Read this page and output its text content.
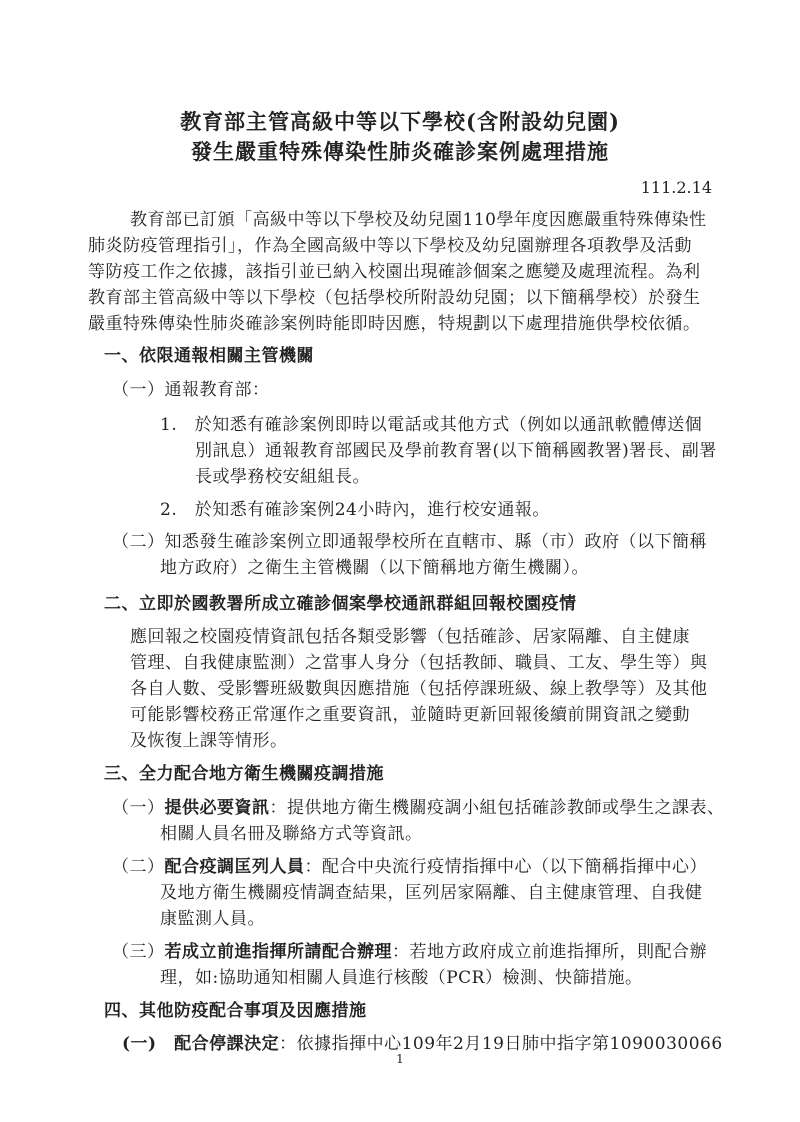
教育部主管高級中等以下學校(含附設幼兒園)
發生嚴重特殊傳染性肺炎確診案例處理措施
111.2.14
教育部已訂頒「高級中等以下學校及幼兒園110學年度因應嚴重特殊傳染性
肺炎防疫管理指引」，作為全國高級中等以下學校及幼兒園辦理各項教學及活動
等防疫工作之依據，該指引並已納入校園出現確診個案之應變及處理流程。為利
教育部主管高級中等以下學校（包括學校所附設幼兒園；以下簡稱學校）於發生
嚴重特殊傳染性肺炎確診案例時能即時因應，特規劃以下處理措施供學校依循。
一、依限通報相關主管機關
（一）通報教育部：
1.　於知悉有確診案例即時以電話或其他方式（例如以通訊軟體傳送個
別訊息）通報教育部國民及學前教育署(以下簡稱國教署)署長、副署
長或學務校安組組長。
2.　於知悉有確診案例24小時內，進行校安通報。
（二）知悉發生確診案例立即通報學校所在直轄市、縣（市）政府（以下簡稱
地方政府）之衛生主管機關（以下簡稱地方衛生機關）。
二、立即於國教署所成立確診個案學校通訊群組回報校園疫情
應回報之校園疫情資訊包括各類受影響（包括確診、居家隔離、自主健康
管理、自我健康監測）之當事人身分（包括教師、職員、工友、學生等）與
各自人數、受影響班級數與因應措施（包括停課班級、線上教學等）及其他
可能影響校務正常運作之重要資訊，並隨時更新回報後續前開資訊之變動
及恢復上課等情形。
三、全力配合地方衛生機關疫調措施
（一）提供必要資訊：提供地方衛生機關疫調小組包括確診教師或學生之課表、
相關人員名冊及聯絡方式等資訊。
（二）配合疫調匡列人員：配合中央流行疫情指揮中心（以下簡稱指揮中心）
及地方衛生機關疫情調查結果，匡列居家隔離、自主健康管理、自我健
康監測人員。
（三）若成立前進指揮所請配合辦理：若地方政府成立前進指揮所，則配合辦
理，如:協助通知相關人員進行核酸（PCR）檢測、快篩措施。
四、其他防疫配合事項及因應措施
(一)　配合停課決定：依據指揮中心109年2月19日肺中指字第1090030066
1
